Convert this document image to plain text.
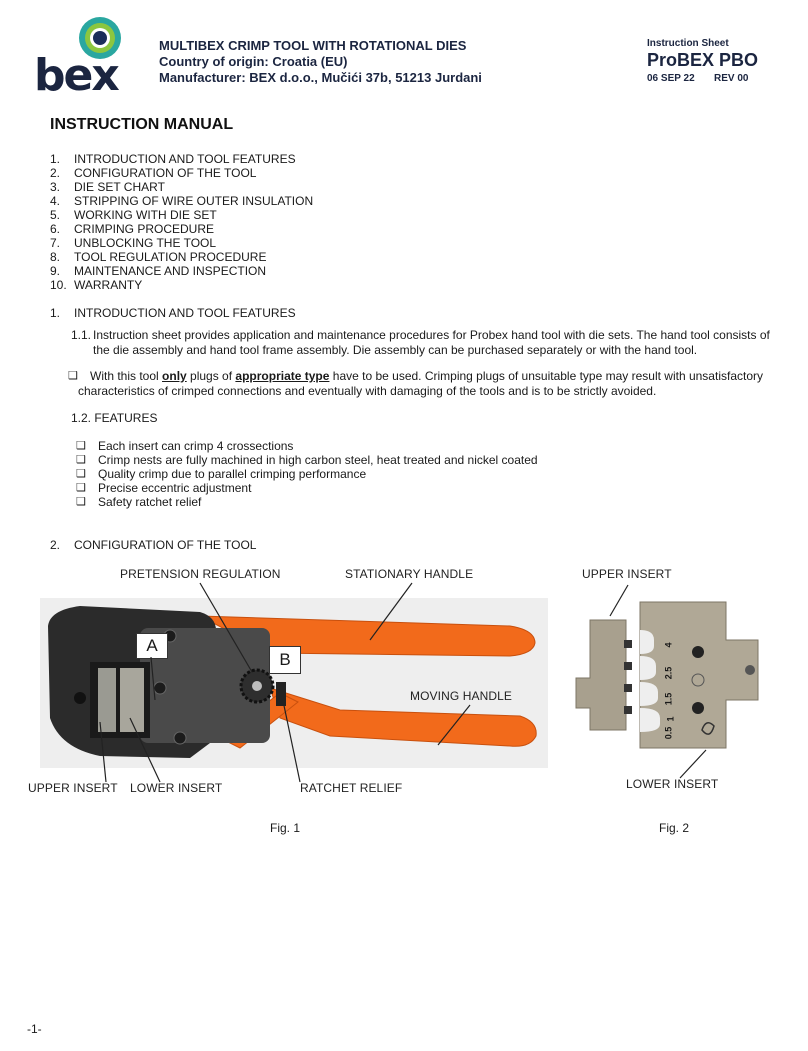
bex
MULTIBEX CRIMP TOOL WITH ROTATIONAL DIES
Country of origin: Croatia (EU)
Manufacturer: BEX d.o.o., Mučići 37b, 51213 Jurdani
Instruction Sheet
ProBEX PBO
06 SEP 22 REV 00
INSTRUCTION MANUAL
1.	INTRODUCTION AND TOOL FEATURES
2.	CONFIGURATION OF THE TOOL
3.	DIE SET CHART
4.	STRIPPING OF WIRE OUTER INSULATION
5.	WORKING WITH DIE SET
6.	CRIMPING PROCEDURE
7.	UNBLOCKING THE TOOL
8.	TOOL REGULATION PROCEDURE
9.	MAINTENANCE AND INSPECTION
10. WARRANTY
1.	INTRODUCTION AND TOOL FEATURES
1.1. Instruction sheet provides application and maintenance procedures for Probex hand tool with die sets. The hand tool consists of
the die assembly and hand tool frame assembly. Die assembly can be purchased separately or with the hand tool.
❑	With this tool only plugs of appropriate type have to be used. Crimping plugs of unsuitable type may result with unsatisfactory
characteristics of crimped connections and eventually with damaging of the tools and is to be strictly avoided.
1.2. FEATURES
❑	Each insert can crimp 4 crossections
❑	Crimp nests are fully machined in high carbon steel, heat treated and nickel coated
❑	Quality crimp due to parallel crimping performance
❑	Precise eccentric adjustment
❑	Safety ratchet relief
2.	CONFIGURATION OF THE TOOL
A
B
PRETENSION REGULATION	STATIONARY HANDLE
MOVING HANDLE
UPPER INSERT LOWER INSERT	RATCHET RELIEF
Fig. 1
4
2.5
1.5
1
0.5
UPPER INSERT
LOWER INSERT
Fig. 2
-1-
